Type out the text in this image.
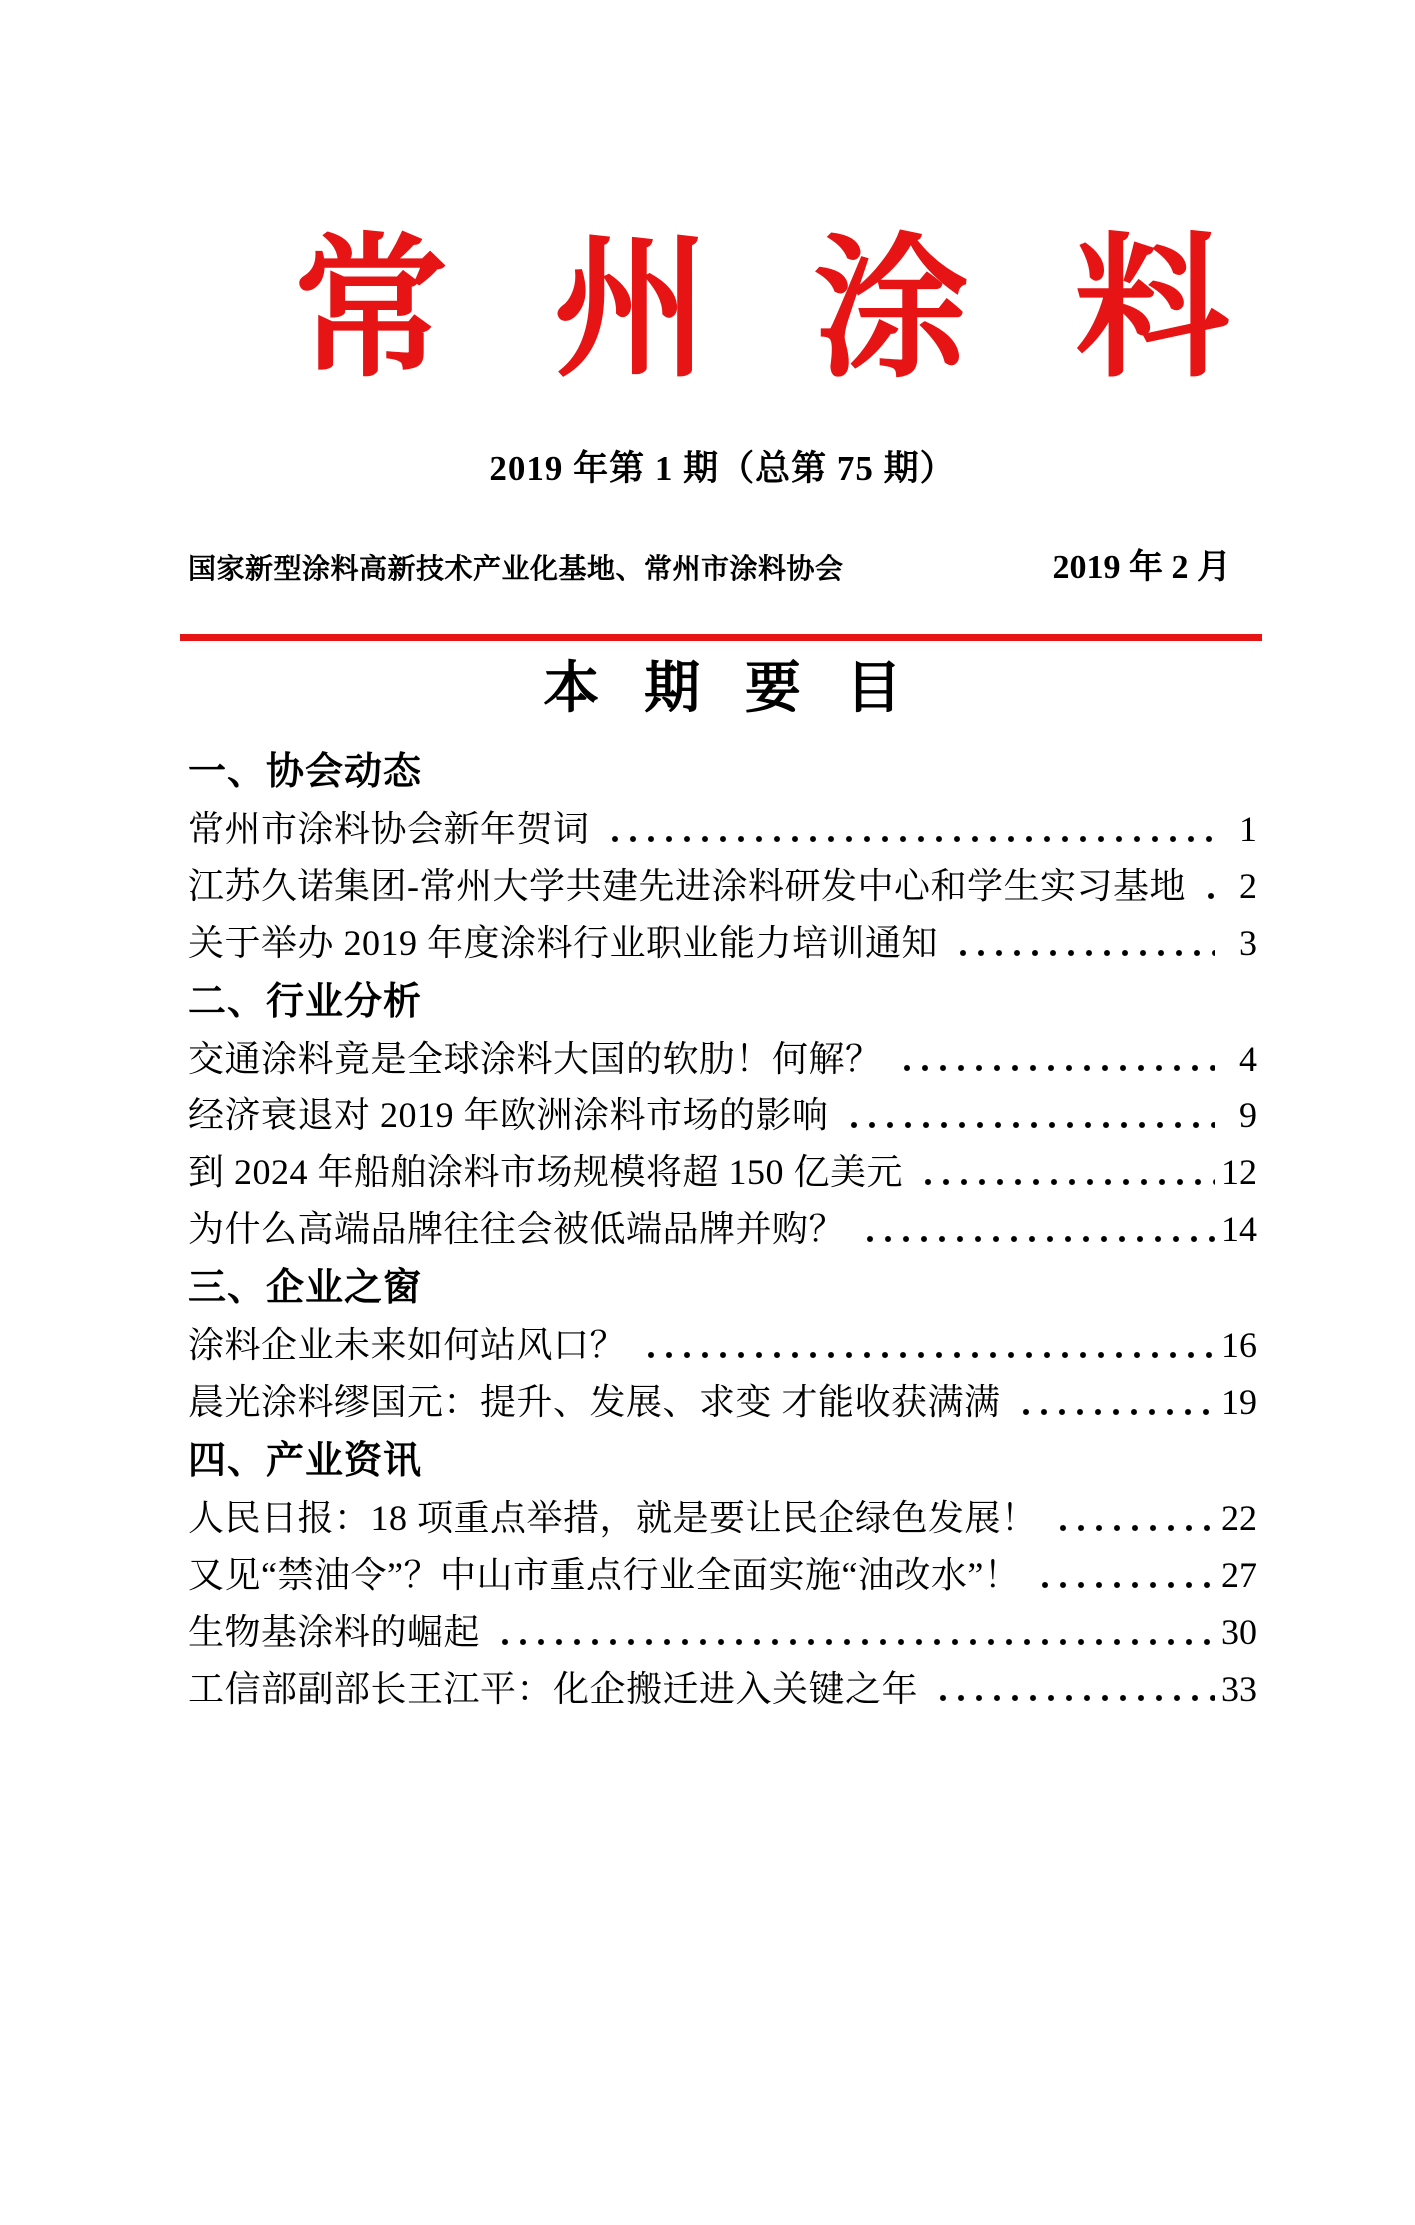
常州涂料
2019 年第 1 期（总第 75 期）
国家新型涂料高新技术产业化基地、常州市涂料协会	2019 年 2 月
本期要目
一、协会动态
常州市涂料协会新年贺词	1
江苏久诺集团-常州大学共建先进涂料研发中心和学生实习基地	2
关于举办 2019 年度涂料行业职业能力培训通知	3
二、行业分析
交通涂料竟是全球涂料大国的软肋！何解？	4
经济衰退对 2019 年欧洲涂料市场的影响	9
到 2024 年船舶涂料市场规模将超 150 亿美元	12
为什么高端品牌往往会被低端品牌并购？	14
三、企业之窗
涂料企业未来如何站风口？	16
晨光涂料缪国元：提升、发展、求变 才能收获满满	19
四、产业资讯
人民日报：18 项重点举措，就是要让民企绿色发展！	22
又见“禁油令”？中山市重点行业全面实施“油改水”！	27
生物基涂料的崛起	30
工信部副部长王江平：化企搬迁进入关键之年	33
